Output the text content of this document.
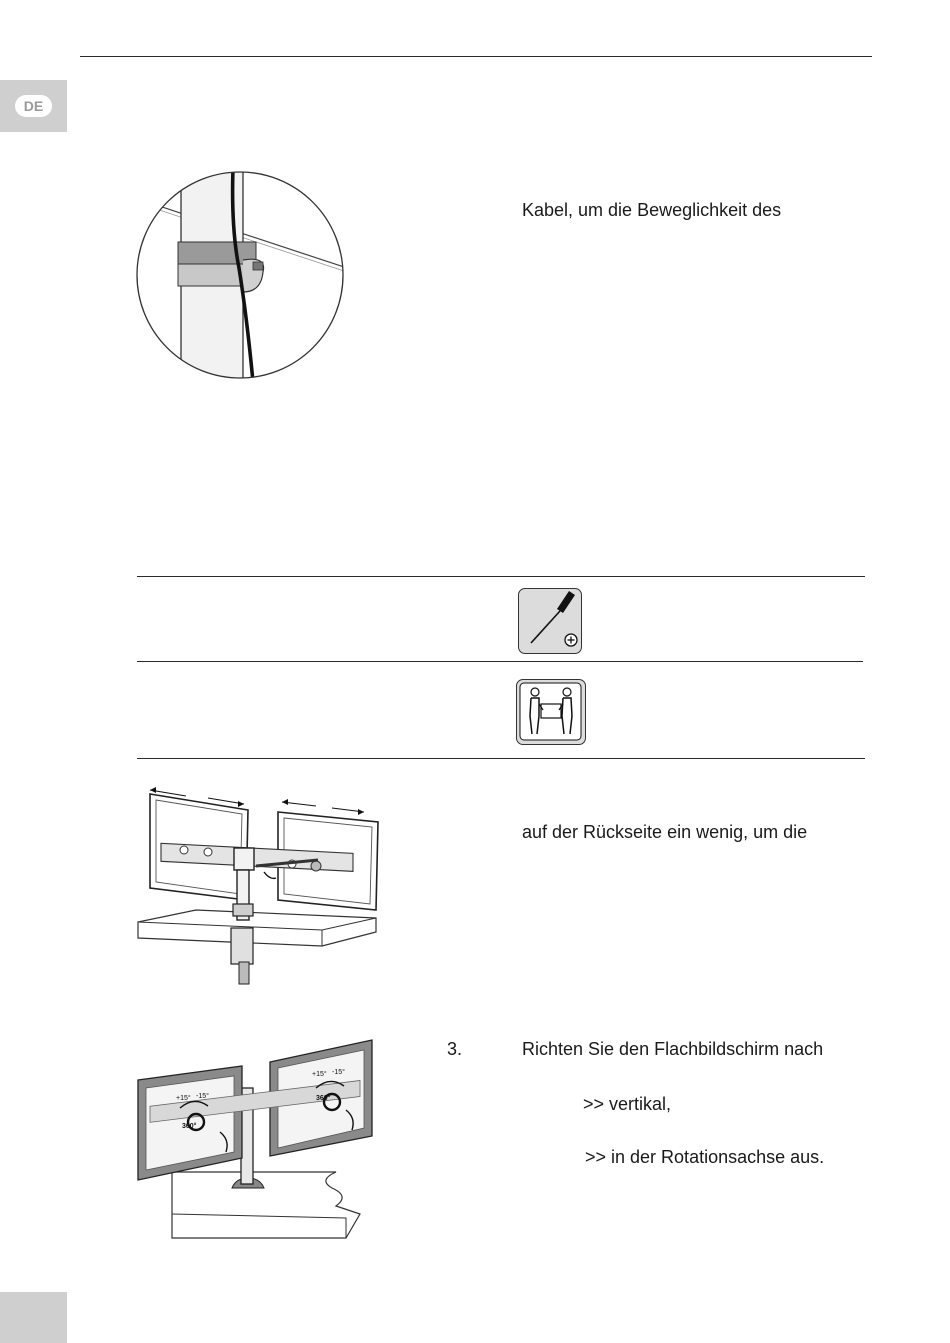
DE
Kabel, um die Beweglichkeit des
auf der Rückseite ein wenig, um die
+15° -15°
360°
+15° -15°
360°
3.	Richten Sie den Flachbildschirm nach
>> vertikal,
>> in der Rotationsachse aus.
